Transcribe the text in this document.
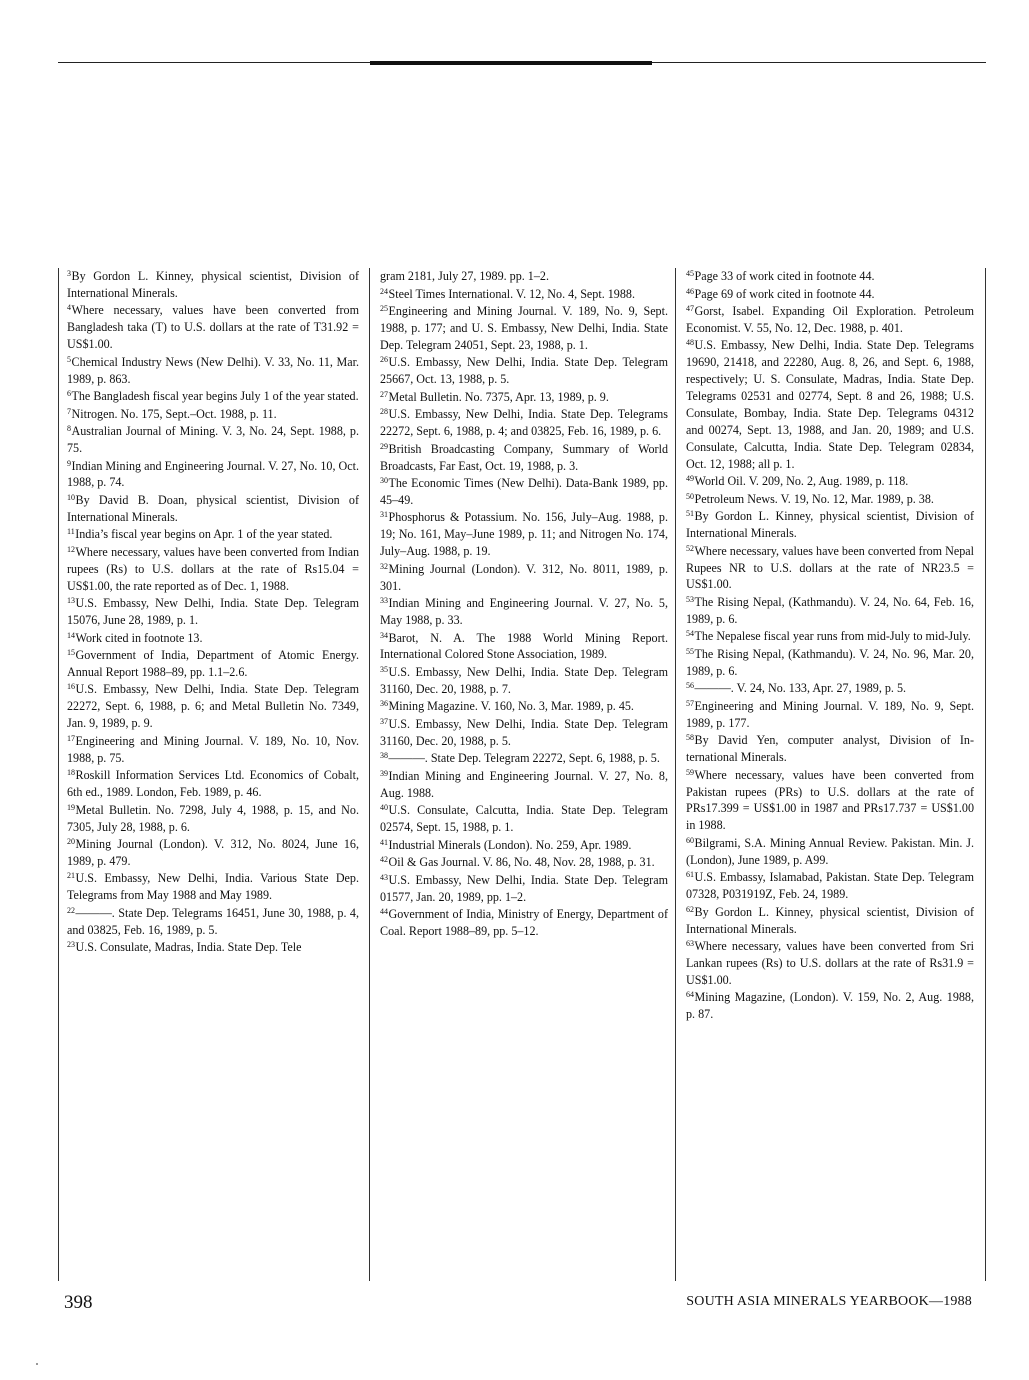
$^3$By Gordon L. Kinney, physical scientist, Division of International Minerals.

$^4$Where necessary, values have been converted from Bangladesh taka (T) to U.S. dollars at the rate of T31.92 = US$1.00.

$^5$Chemical Industry News (New Delhi). V. 33, No. 11, Mar. 1989, p. 863.

$^6$The Bangladesh fiscal year begins July 1 of the year stated.

$^7$Nitrogen. No. 175, Sept.–Oct. 1988, p. 11.

$^8$Australian Journal of Mining. V. 3, No. 24, Sept. 1988, p. 75.

$^9$Indian Mining and Engineering Journal. V. 27, No. 10, Oct. 1988, p. 74.

$^{10}$By David B. Doan, physical scientist, Division of International Minerals.

$^{11}$India’s fiscal year begins on Apr. 1 of the year stated.

$^{12}$Where necessary, values have been converted from Indian rupees (Rs) to U.S. dollars at the rate of Rs15.04 = US$1.00, the rate reported as of Dec. 1, 1988.

$^{13}$U.S. Embassy, New Delhi, India. State Dep. Telegram 15076, June 28, 1989, p. 1.

$^{14}$Work cited in footnote 13.

$^{15}$Government of India, Department of Atomic Energy. Annual Report 1988–89, pp. 1.1–2.6.

$^{16}$U.S. Embassy, New Delhi, India. State Dep. Telegram 22272, Sept. 6, 1988, p. 6; and Metal Bulletin No. 7349, Jan. 9, 1989, p. 9.

$^{17}$Engineering and Mining Journal. V. 189, No. 10, Nov. 1988, p. 75.

$^{18}$Roskill Information Services Ltd. Economics of Cobalt, 6th ed., 1989. London, Feb. 1989, p. 46.

$^{19}$Metal Bulletin. No. 7298, July 4, 1988, p. 15, and No. 7305, July 28, 1988, p. 6.

$^{20}$Mining Journal (London). V. 312, No. 8024, June 16, 1989, p. 479.

$^{21}$U.S. Embassy, New Delhi, India. Various State Dep. Telegrams from May 1988 and May 1989.

$^{22}$———. State Dep. Telegrams 16451, June 30, 1988, p. 4, and 03825, Feb. 16, 1989, p. 5.

$^{23}$U.S. Consulate, Madras, India. State Dep. Tele

gram 2181, July 27, 1989. pp. 1–2.

$^{24}$Steel Times International. V. 12, No. 4, Sept. 1988.

$^{25}$Engineering and Mining Journal. V. 189, No. 9, Sept. 1988, p. 177; and U. S. Embassy, New Delhi, India. State Dep. Telegram 24051, Sept. 23, 1988, p. 1.

$^{26}$U.S. Embassy, New Delhi, India. State Dep. Telegram 25667, Oct. 13, 1988, p. 5.

$^{27}$Metal Bulletin. No. 7375, Apr. 13, 1989, p. 9.

$^{28}$U.S. Embassy, New Delhi, India. State Dep. Telegrams 22272, Sept. 6, 1988, p. 4; and 03825, Feb. 16, 1989, p. 6.

$^{29}$British Broadcasting Company, Summary of World Broadcasts, Far East, Oct. 19, 1988, p. 3.

$^{30}$The Economic Times (New Delhi). Data-Bank 1989, pp. 45–49.

$^{31}$Phosphorus & Potassium. No. 156, July–Aug. 1988, p. 19; No. 161, May–June 1989, p. 11; and Nitrogen No. 174, July–Aug. 1988, p. 19.

$^{32}$Mining Journal (London). V. 312, No. 8011, 1989, p. 301.

$^{33}$Indian Mining and Engineering Journal. V. 27, No. 5, May 1988, p. 33.

$^{34}$Barot, N. A. The 1988 World Mining Report. International Colored Stone Association, 1989.

$^{35}$U.S. Embassy, New Delhi, India. State Dep. Telegram 31160, Dec. 20, 1988, p. 7.

$^{36}$Mining Magazine. V. 160, No. 3, Mar. 1989, p. 45.

$^{37}$U.S. Embassy, New Delhi, India. State Dep. Telegram 31160, Dec. 20, 1988, p. 5.

$^{38}$———. State Dep. Telegram 22272, Sept. 6, 1988, p. 5.

$^{39}$Indian Mining and Engineering Journal. V. 27, No. 8, Aug. 1988.

$^{40}$U.S. Consulate, Calcutta, India. State Dep. Telegram 02574, Sept. 15, 1988, p. 1.

$^{41}$Industrial Minerals (London). No. 259, Apr. 1989.

$^{42}$Oil & Gas Journal. V. 86, No. 48, Nov. 28, 1988, p. 31.

$^{43}$U.S. Embassy, New Delhi, India. State Dep. Telegram 01577, Jan. 20, 1989, pp. 1–2.

$^{44}$Government of India, Ministry of Energy, Department of Coal. Report 1988–89, pp. 5–12.

$^{45}$Page 33 of work cited in footnote 44.

$^{46}$Page 69 of work cited in footnote 44.

$^{47}$Gorst, Isabel. Expanding Oil Exploration. Petroleum Economist. V. 55, No. 12, Dec. 1988, p. 401.

$^{48}$U.S. Embassy, New Delhi, India. State Dep. Telegrams 19690, 21418, and 22280, Aug. 8, 26, and Sept. 6, 1988, respectively; U. S. Consulate, Madras, India. State Dep. Telegrams 02531 and 02774, Sept. 8 and 26, 1988; U.S. Consulate, Bombay, India. State Dep. Telegrams 04312 and 00274, Sept. 13, 1988, and Jan. 20, 1989; and U.S. Consulate, Calcutta, India. State Dep. Telegram 02834, Oct. 12, 1988; all p. 1.

$^{49}$World Oil. V. 209, No. 2, Aug. 1989, p. 118.

$^{50}$Petroleum News. V. 19, No. 12, Mar. 1989, p. 38.

$^{51}$By Gordon L. Kinney, physical scientist, Division of International Minerals.

$^{52}$Where necessary, values have been converted from Nepal Rupees NR to U.S. dollars at the rate of NR23.5 = US$1.00.

$^{53}$The Rising Nepal, (Kathmandu). V. 24, No. 64, Feb. 16, 1989, p. 6.

$^{54}$The Nepalese fiscal year runs from mid-July to mid-July.

$^{55}$The Rising Nepal, (Kathmandu). V. 24, No. 96, Mar. 20, 1989, p. 6.

$^{56}$———. V. 24, No. 133, Apr. 27, 1989, p. 5.

$^{57}$Engineering and Mining Journal. V. 189, No. 9, Sept. 1989, p. 177.

$^{58}$By David Yen, computer analyst, Division of International Minerals.

$^{59}$Where necessary, values have been converted from Pakistan rupees (PRs) to U.S. dollars at the rate of PRs17.399 = US$1.00 in 1987 and PRs17.737 = US$1.00 in 1988.

$^{60}$Bilgrami, S.A. Mining Annual Review. Pakistan. Min. J. (London), June 1989, p. A99.

$^{61}$U.S. Embassy, Islamabad, Pakistan. State Dep. Telegram 07328, P031919Z, Feb. 24, 1989.

$^{62}$By Gordon L. Kinney, physical scientist, Division of International Minerals.

$^{63}$Where necessary, values have been converted from Sri Lankan rupees (Rs) to U.S. dollars at the rate of Rs31.9 = US$1.00.

$^{64}$Mining Magazine, (London). V. 159, No. 2, Aug. 1988, p. 87.

398	SOUTH ASIA MINERALS YEARBOOK—1988
